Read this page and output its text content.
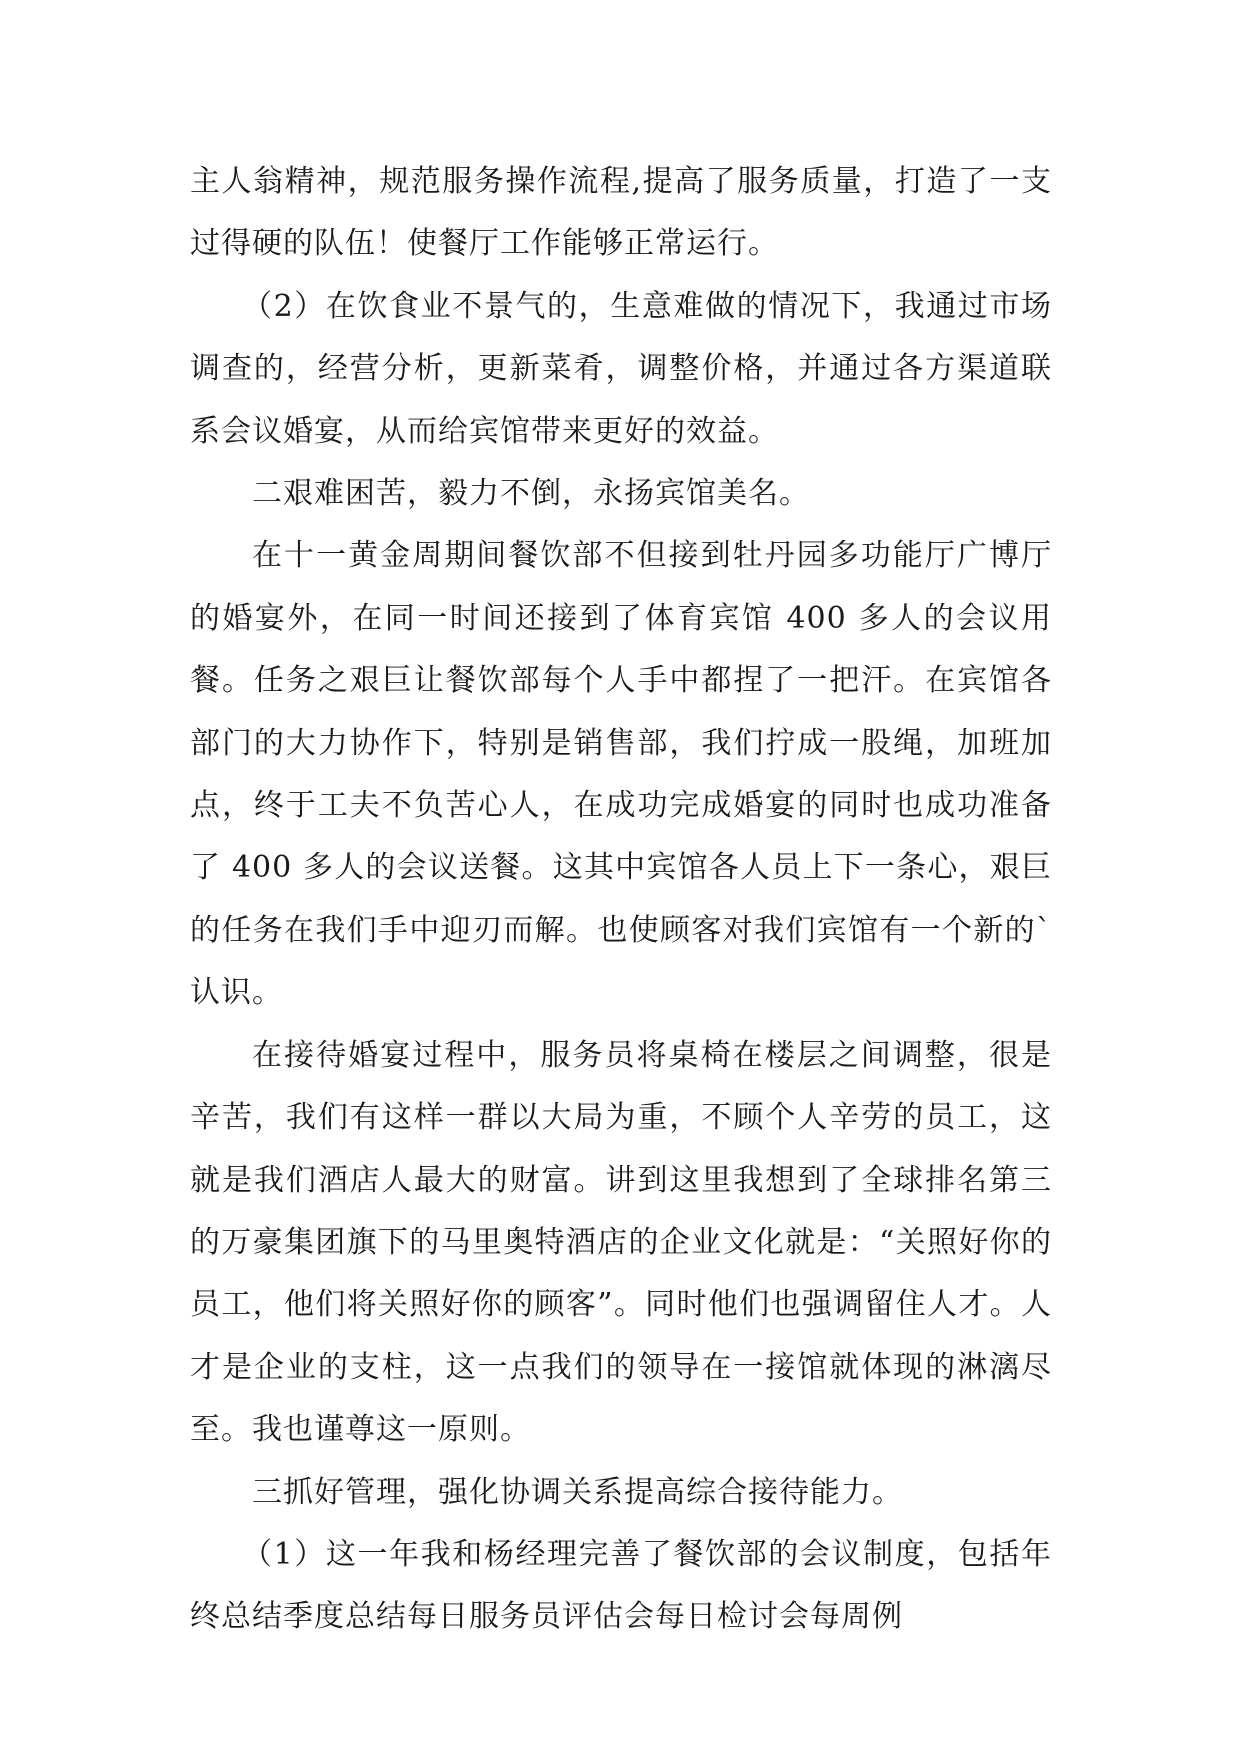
主人翁精神，规范服务操作流程,提高了服务质量，打造了一支过得硬的队伍！使餐厅工作能够正常运行。

（2）在饮食业不景气的，生意难做的情况下，我通过市场调查的，经营分析，更新菜肴，调整价格，并通过各方渠道联系会议婚宴，从而给宾馆带来更好的效益。

二艰难困苦，毅力不倒，永扬宾馆美名。

在十一黄金周期间餐饮部不但接到牡丹园多功能厅广博厅的婚宴外，在同一时间还接到了体育宾馆 400 多人的会议用餐。任务之艰巨让餐饮部每个人手中都捏了一把汗。在宾馆各部门的大力协作下，特别是销售部，我们拧成一股绳，加班加点，终于工夫不负苦心人，在成功完成婚宴的同时也成功准备了 400 多人的会议送餐。这其中宾馆各人员上下一条心，艰巨的任务在我们手中迎刃而解。也使顾客对我们宾馆有一个新的`认识。

在接待婚宴过程中，服务员将桌椅在楼层之间调整，很是辛苦，我们有这样一群以大局为重，不顾个人辛劳的员工，这就是我们酒店人最大的财富。讲到这里我想到了全球排名第三的万豪集团旗下的马里奥特酒店的企业文化就是：“关照好你的员工，他们将关照好你的顾客”。同时他们也强调留住人才。人才是企业的支柱，这一点我们的领导在一接馆就体现的淋漓尽至。我也谨尊这一原则。

三抓好管理，强化协调关系提高综合接待能力。

（1）这一年我和杨经理完善了餐饮部的会议制度，包括年终总结季度总结每日服务员评估会每日检讨会每周例
